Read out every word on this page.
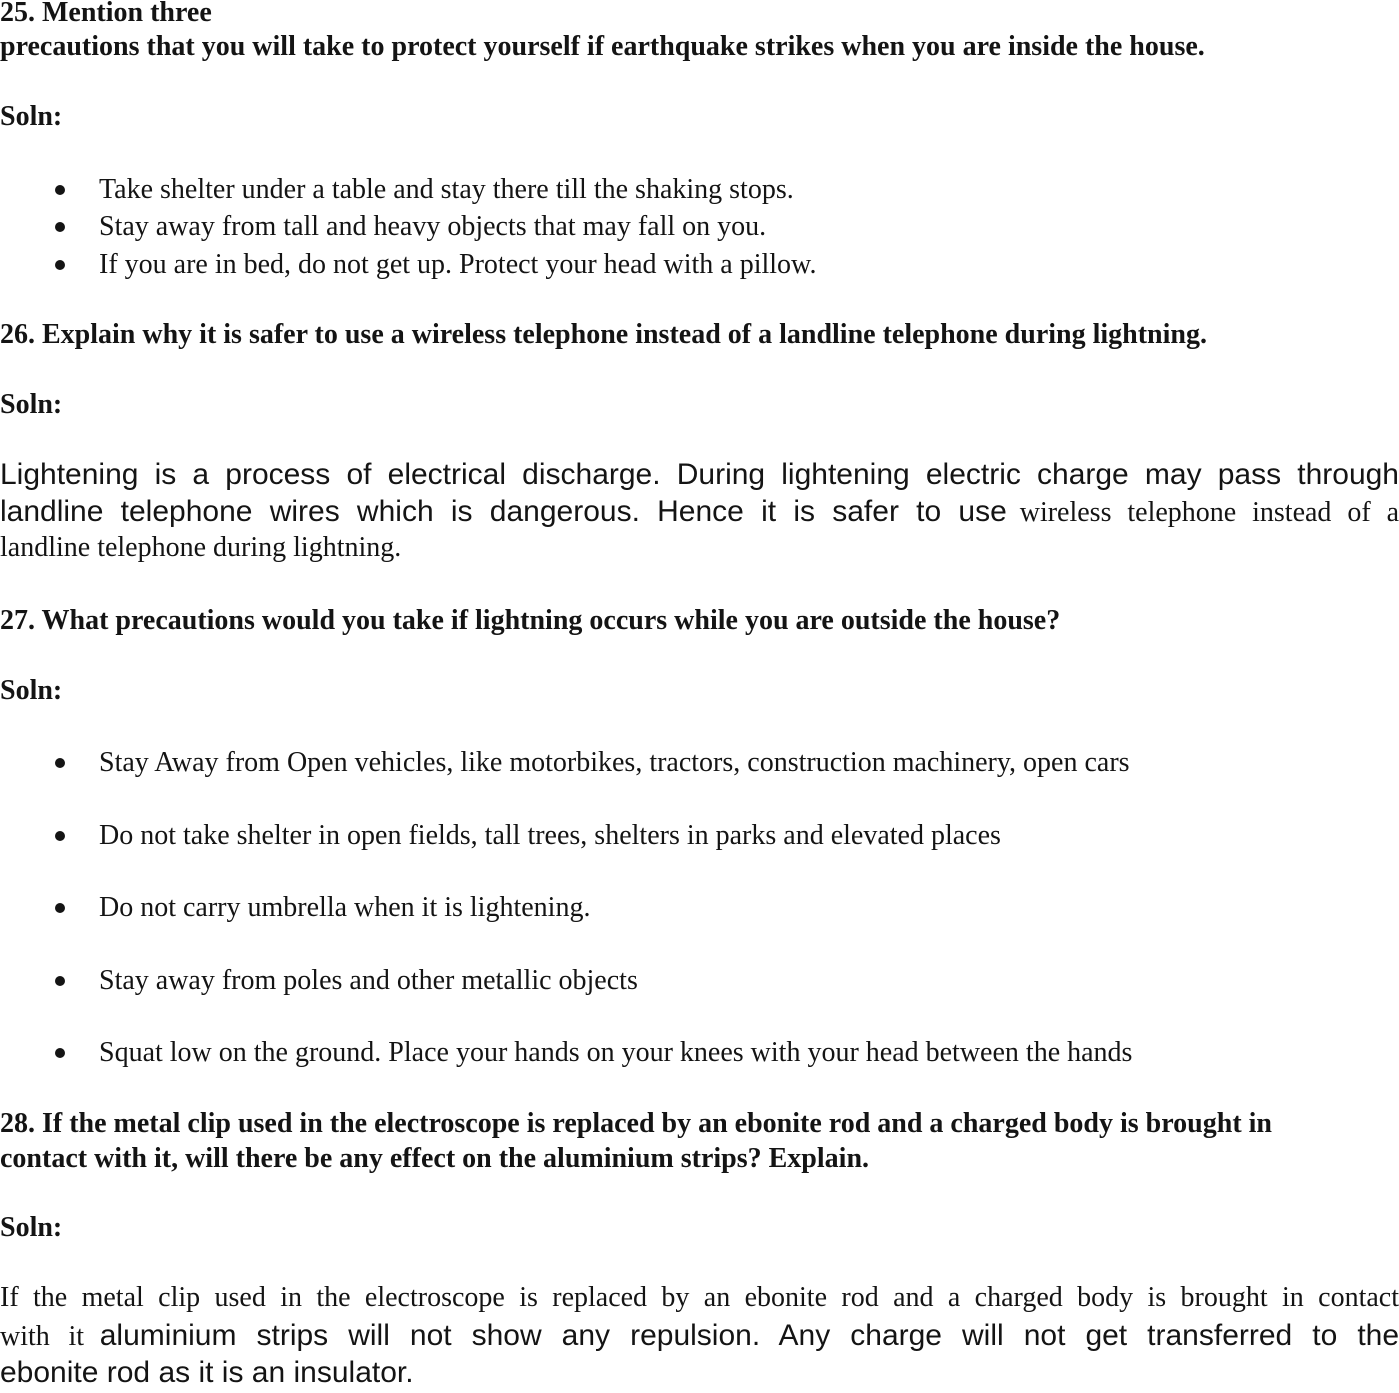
25. Mention three
precautions that you will take to protect yourself if earthquake strikes when you are inside the house.
Soln:
Take shelter under a table and stay there till the shaking stops.
Stay away from tall and heavy objects that may fall on you.
If you are in bed, do not get up. Protect your head with a pillow.
26. Explain why it is safer to use a wireless telephone instead of a landline telephone during lightning.
Soln:
Lightening is a process of electrical discharge. During lightening electric charge may pass through
landline telephone wires which is dangerous. Hence it is safer to use wireless telephone instead of a
landline telephone during lightning.
27. What precautions would you take if lightning occurs while you are outside the house?
Soln:
Stay Away from Open vehicles, like motorbikes, tractors, construction machinery, open cars
Do not take shelter in open fields, tall trees, shelters in parks and elevated places
Do not carry umbrella when it is lightening.
Stay away from poles and other metallic objects
Squat low on the ground. Place your hands on your knees with your head between the hands
28. If the metal clip used in the electroscope is replaced by an ebonite rod and a charged body is brought in
contact with it, will there be any effect on the aluminium strips? Explain.
Soln:
If the metal clip used in the electroscope is replaced by an ebonite rod and a charged body is brought in contact
with it aluminium strips will not show any repulsion. Any charge will not get transferred to the
ebonite rod as it is an insulator.
